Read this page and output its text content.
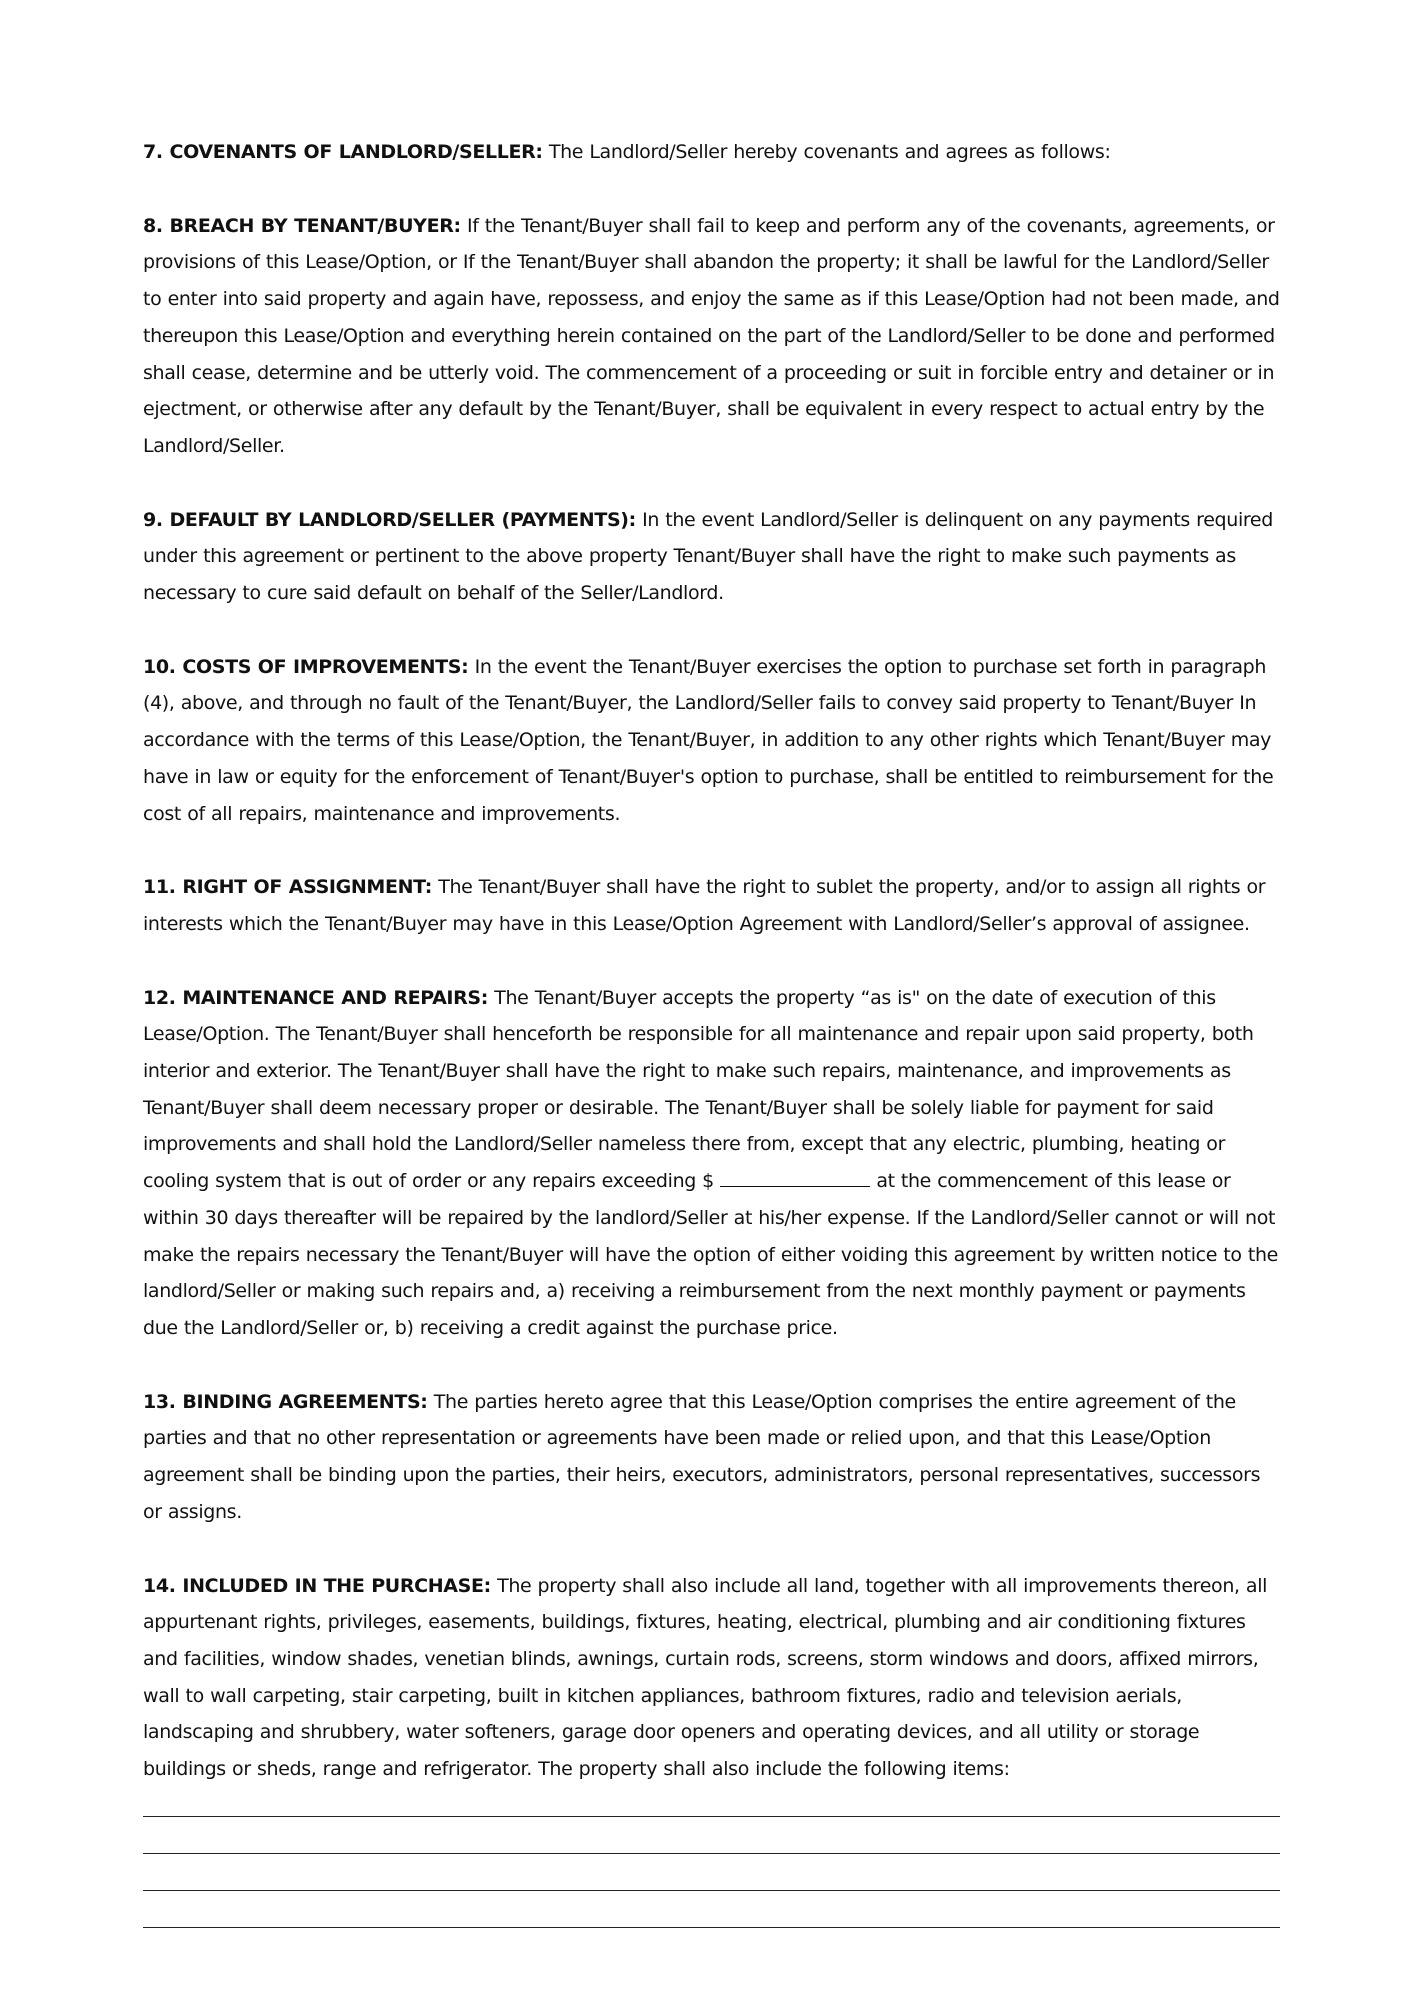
7. COVENANTS OF LANDLORD/SELLER: The Landlord/Seller hereby covenants and agrees as follows:

8. BREACH BY TENANT/BUYER: If the Tenant/Buyer shall fail to keep and perform any of the covenants, agreements, or provisions of this Lease/Option, or If the Tenant/Buyer shall abandon the property; it shall be lawful for the Landlord/Seller to enter into said property and again have, repossess, and enjoy the same as if this Lease/Option had not been made, and thereupon this Lease/Option and everything herein contained on the part of the Landlord/Seller to be done and performed shall cease, determine and be utterly void. The commencement of a proceeding or suit in forcible entry and detainer or in ejectment, or otherwise after any default by the Tenant/Buyer, shall be equivalent in every respect to actual entry by the Landlord/Seller.

9. DEFAULT BY LANDLORD/SELLER (PAYMENTS): In the event Landlord/Seller is delinquent on any payments required under this agreement or pertinent to the above property Tenant/Buyer shall have the right to make such payments as necessary to cure said default on behalf of the Seller/Landlord.

10. COSTS OF IMPROVEMENTS: In the event the Tenant/Buyer exercises the option to purchase set forth in paragraph (4), above, and through no fault of the Tenant/Buyer, the Landlord/Seller fails to convey said property to Tenant/Buyer In accordance with the terms of this Lease/Option, the Tenant/Buyer, in addition to any other rights which Tenant/Buyer may have in law or equity for the enforcement of Tenant/Buyer's option to purchase, shall be entitled to reimbursement for the cost of all repairs, maintenance and improvements.

11. RIGHT OF ASSIGNMENT: The Tenant/Buyer shall have the right to sublet the property, and/or to assign all rights or interests which the Tenant/Buyer may have in this Lease/Option Agreement with Landlord/Seller’s approval of assignee.

12. MAINTENANCE AND REPAIRS: The Tenant/Buyer accepts the property “as is" on the date of execution of this Lease/Option. The Tenant/Buyer shall henceforth be responsible for all maintenance and repair upon said property, both interior and exterior. The Tenant/Buyer shall have the right to make such repairs, maintenance, and improvements as Tenant/Buyer shall deem necessary proper or desirable. The Tenant/Buyer shall be solely liable for payment for said improvements and shall hold the Landlord/Seller nameless there from, except that any electric, plumbing, heating or cooling system that is out of order or any repairs exceeding $	at the commencement of this lease or within 30 days thereafter will be repaired by the landlord/Seller at his/her expense. If the Landlord/Seller cannot or will not make the repairs necessary the Tenant/Buyer will have the option of either voiding this agreement by written notice to the landlord/Seller or making such repairs and, a) receiving a reimbursement from the next monthly payment or payments due the Landlord/Seller or, b) receiving a credit against the purchase price.

13. BINDING AGREEMENTS: The parties hereto agree that this Lease/Option comprises the entire agreement of the parties and that no other representation or agreements have been made or relied upon, and that this Lease/Option agreement shall be binding upon the parties, their heirs, executors, administrators, personal representatives, successors or assigns.

14. INCLUDED IN THE PURCHASE: The property shall also include all land, together with all improvements thereon, all appurtenant rights, privileges, easements, buildings, fixtures, heating, electrical, plumbing and air conditioning fixtures and facilities, window shades, venetian blinds, awnings, curtain rods, screens, storm windows and doors, affixed mirrors, wall to wall carpeting, stair carpeting, built in kitchen appliances, bathroom fixtures, radio and television aerials, landscaping and shrubbery, water softeners, garage door openers and operating devices, and all utility or storage buildings or sheds, range and refrigerator. The property shall also include the following items:
